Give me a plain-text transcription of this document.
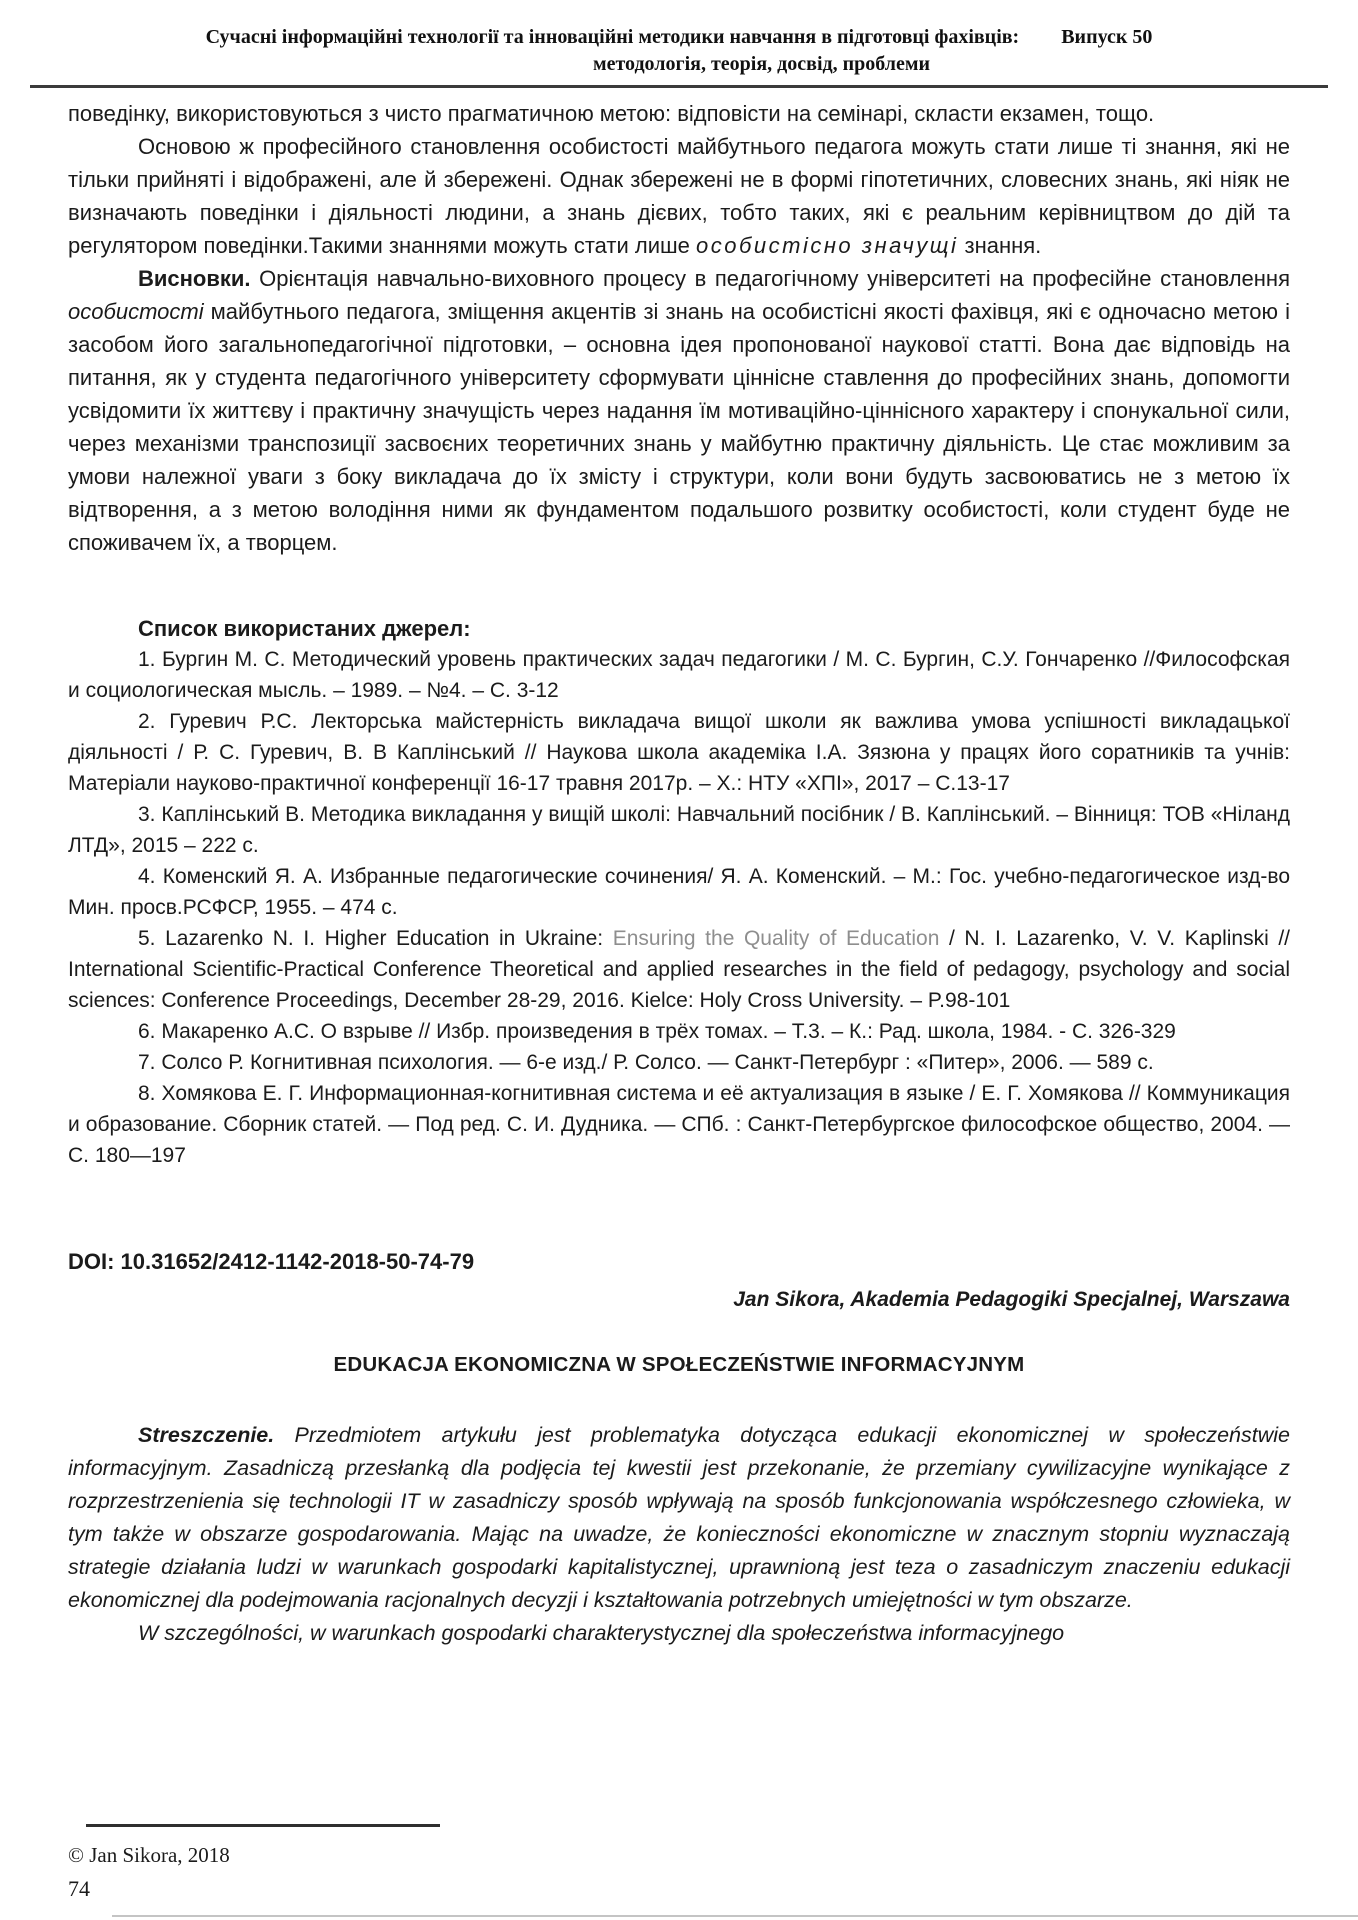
Сучасні інформаційні технології та інноваційні методики навчання в підготовці фахівців: Випуск 50
методологія, теорія, досвід, проблеми

поведінку, використовуються з чисто прагматичною метою: відповісти на семінарі, скласти екзамен, тощо.

Основою ж професійного становлення особистості майбутнього педагога можуть стати лише ті знання, які не тільки прийняті і відображені, але й збережені. Однак збережені не в формі гіпотетичних, словесних знань, які ніяк не визначають поведінки і діяльності людини, а знань дієвих, тобто таких, які є реальним керівництвом до дій та регулятором поведінки.Такими знаннями можуть стати лише особистісно значущі знання.

Висновки. Орієнтація навчально-виховного процесу в педагогічному університеті на професійне становлення особистості майбутнього педагога, зміщення акцентів зі знань на особистісні якості фахівця, які є одночасно метою і засобом його загальнопедагогічної підготовки, – основна ідея пропонованої наукової статті. Вона дає відповідь на питання, як у студента педагогічного університету сформувати ціннісне ставлення до професійних знань, допомогти усвідомити їх життєву і практичну значущість через надання їм мотиваційно-ціннісного характеру і спонукальної сили, через механізми транспозиції засвоєних теоретичних знань у майбутню практичну діяльність. Це стає можливим за умови належної уваги з боку викладача до їх змісту і структури, коли вони будуть засвоюватись не з метою їх відтворення, а з метою володіння ними як фундаментом подальшого розвитку особистості, коли студент буде не споживачем їх, а творцем.

Список використаних джерел:

1. Бургин М. С. Методический уровень практических задач педагогики / М. С. Бургин, С.У. Гончаренко //Философская и социологическая мысль. – 1989. – №4. – С. 3-12

2. Гуревич Р.С. Лекторська майстерність викладача вищої школи як важлива умова успішності викладацької діяльності / Р. С. Гуревич, В. В Каплінський // Наукова школа академіка І.А. Зязюна у працях його соратників та учнів: Матеріали науково-практичної конференції 16-17 травня 2017р. – Х.: НТУ «ХПІ», 2017 – С.13-17

3. Каплінський В. Методика викладання у вищій школі: Навчальний посібник / В. Каплінський. – Вінниця: ТОВ «Ніланд ЛТД», 2015 – 222 с.

4. Коменский Я. А. Избранные педагогические сочинения/ Я. А. Коменский. – М.: Гос. учебно-педагогическое изд-во Мин. просв.РСФСР, 1955. – 474 с.

5. Lazarenko N. I. Higher Education in Ukraine: Ensuring the Quality of Education / N. I. Lazarenko, V. V. Kaplinski // International Scientific-Practical Conference Theoretical and applied researches in the field of pedagogy, psychology and social sciences: Conference Proceedings, December 28-29, 2016. Kielce: Holy Cross University. – P.98-101

6. Макаренко А.С. О взрыве // Избр. произведения в трёх томах. – Т.3. – К.: Рад. школа, 1984. - С. 326-329

7. Солсо Р. Когнитивная психология. — 6-е изд./ Р. Солсо. — Санкт-Петербург : «Питер», 2006. — 589 с.

8. Хомякова Е. Г. Информационная-когнитивная система и её актуализация в языке / Е. Г. Хомякова // Коммуникация и образование. Сборник статей. — Под ред. С. И. Дудника. — СПб. : Санкт-Петербургское философское общество, 2004. — С. 180—197

DOI: 10.31652/2412-1142-2018-50-74-79

Jan Sikora, Akademia Pedagogiki Specjalnej, Warszawa

EDUKACJA EKONOMICZNA W SPOŁECZEŃSTWIE INFORMACYJNYM

Streszczenie. Przedmiotem artykułu jest problematyka dotycząca edukacji ekonomicznej w społeczeństwie informacyjnym. Zasadniczą przesłanką dla podjęcia tej kwestii jest przekonanie, że przemiany cywilizacyjne wynikające z rozprzestrzenienia się technologii IT w zasadniczy sposób wpływają na sposób funkcjonowania współczesnego człowieka, w tym także w obszarze gospodarowania. Mając na uwadze, że konieczności ekonomiczne w znacznym stopniu wyznaczają strategie działania ludzi w warunkach gospodarki kapitalistycznej, uprawnioną jest teza o zasadniczym znaczeniu edukacji ekonomicznej dla podejmowania racjonalnych decyzji i kształtowania potrzebnych umiejętności w tym obszarze.

W szczególności, w warunkach gospodarki charakterystycznej dla społeczeństwa informacyjnego

© Jan Sikora, 2018
74
